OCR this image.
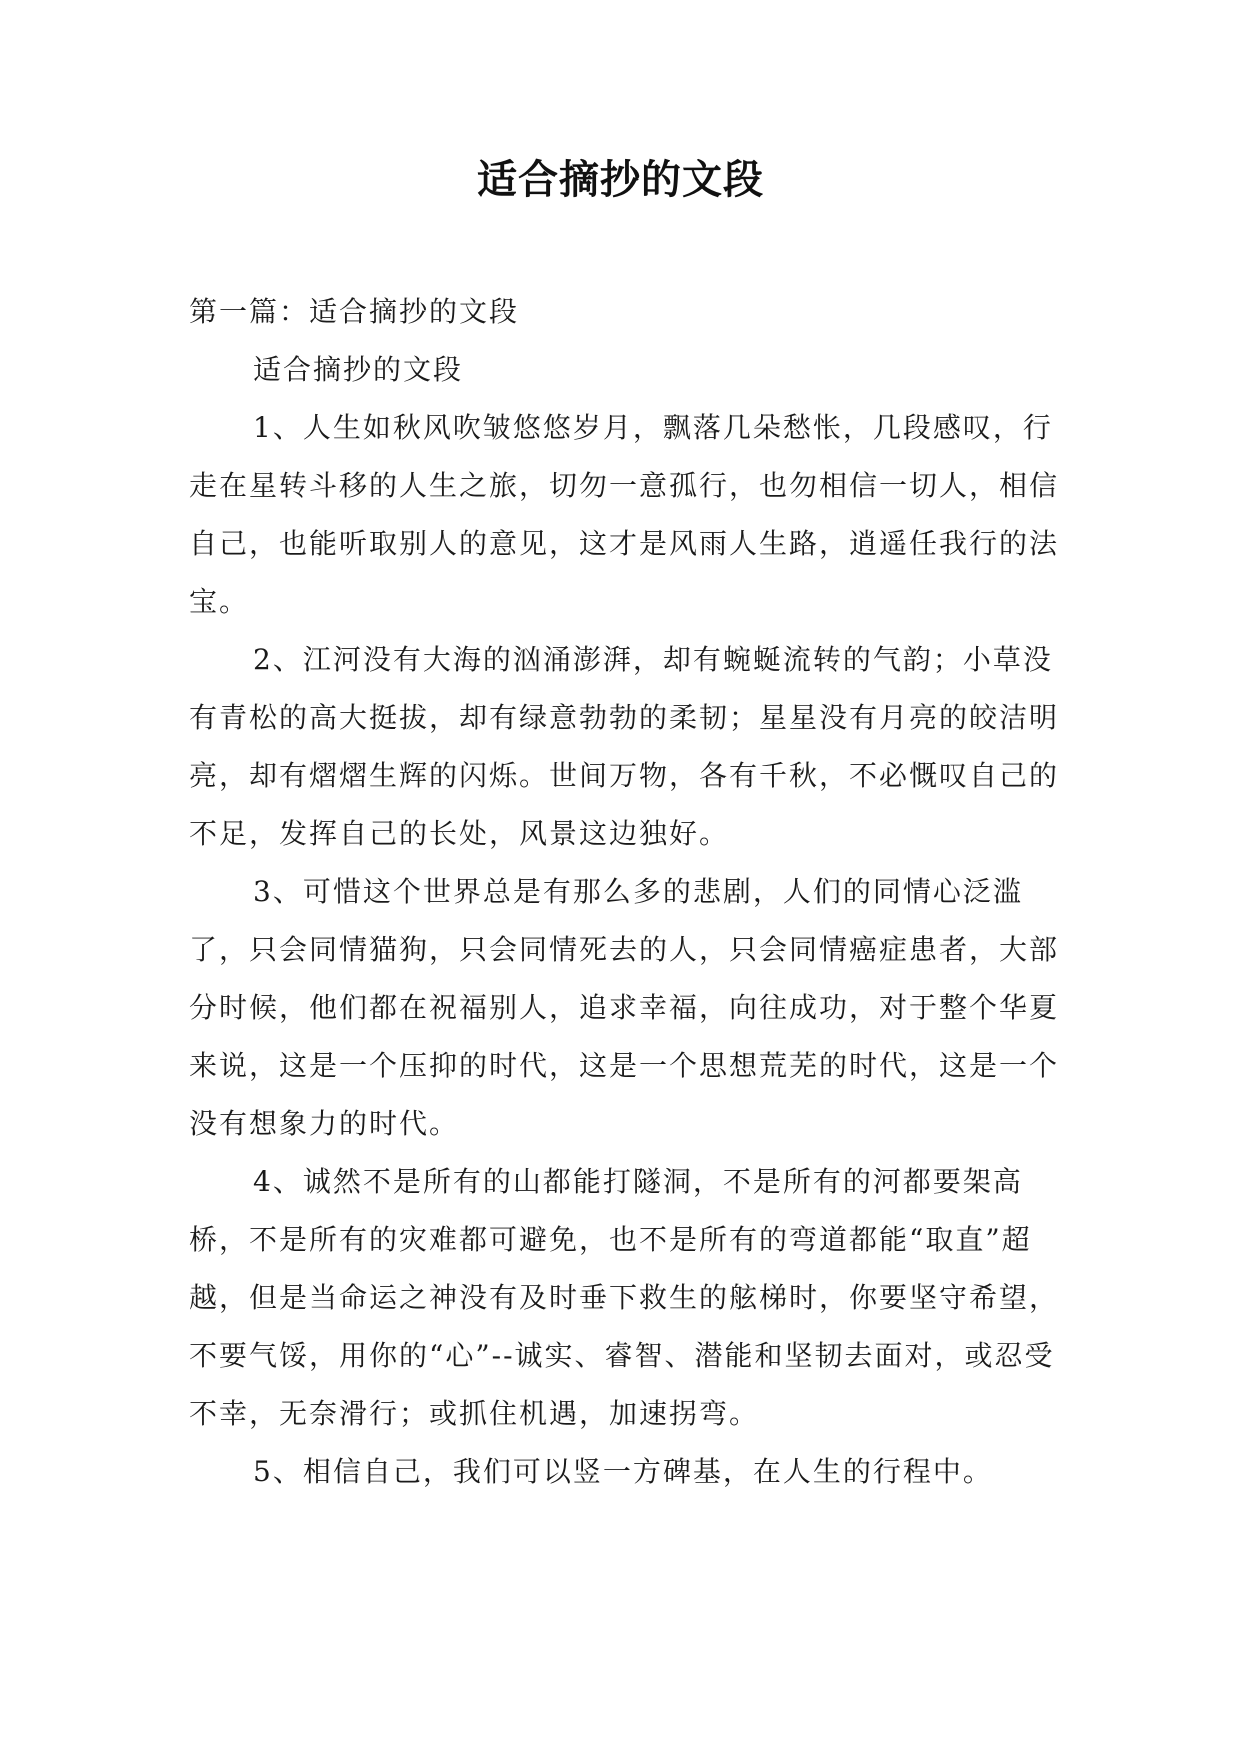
适合摘抄的文段

第一篇：适合摘抄的文段

适合摘抄的文段

1、人生如秋风吹皱悠悠岁月，飘落几朵愁怅，几段感叹，行走在星转斗移的人生之旅，切勿一意孤行，也勿相信一切人，相信自己，也能听取别人的意见，这才是风雨人生路，逍遥任我行的法宝。

2、江河没有大海的汹涌澎湃，却有蜿蜒流转的气韵；小草没有青松的高大挺拔，却有绿意勃勃的柔韧；星星没有月亮的皎洁明亮，却有熠熠生辉的闪烁。世间万物，各有千秋，不必慨叹自己的不足，发挥自己的长处，风景这边独好。

3、可惜这个世界总是有那么多的悲剧，人们的同情心泛滥了，只会同情猫狗，只会同情死去的人，只会同情癌症患者，大部分时候，他们都在祝福别人，追求幸福，向往成功，对于整个华夏来说，这是一个压抑的时代，这是一个思想荒芜的时代，这是一个没有想象力的时代。

4、诚然不是所有的山都能打隧洞，不是所有的河都要架高桥，不是所有的灾难都可避免，也不是所有的弯道都能“取直”超越，但是当命运之神没有及时垂下救生的舷梯时，你要坚守希望，不要气馁，用你的“心”--诚实、睿智、潜能和坚韧去面对，或忍受不幸，无奈滑行；或抓住机遇，加速拐弯。

5、相信自己，我们可以竖一方碑基，在人生的行程中。
